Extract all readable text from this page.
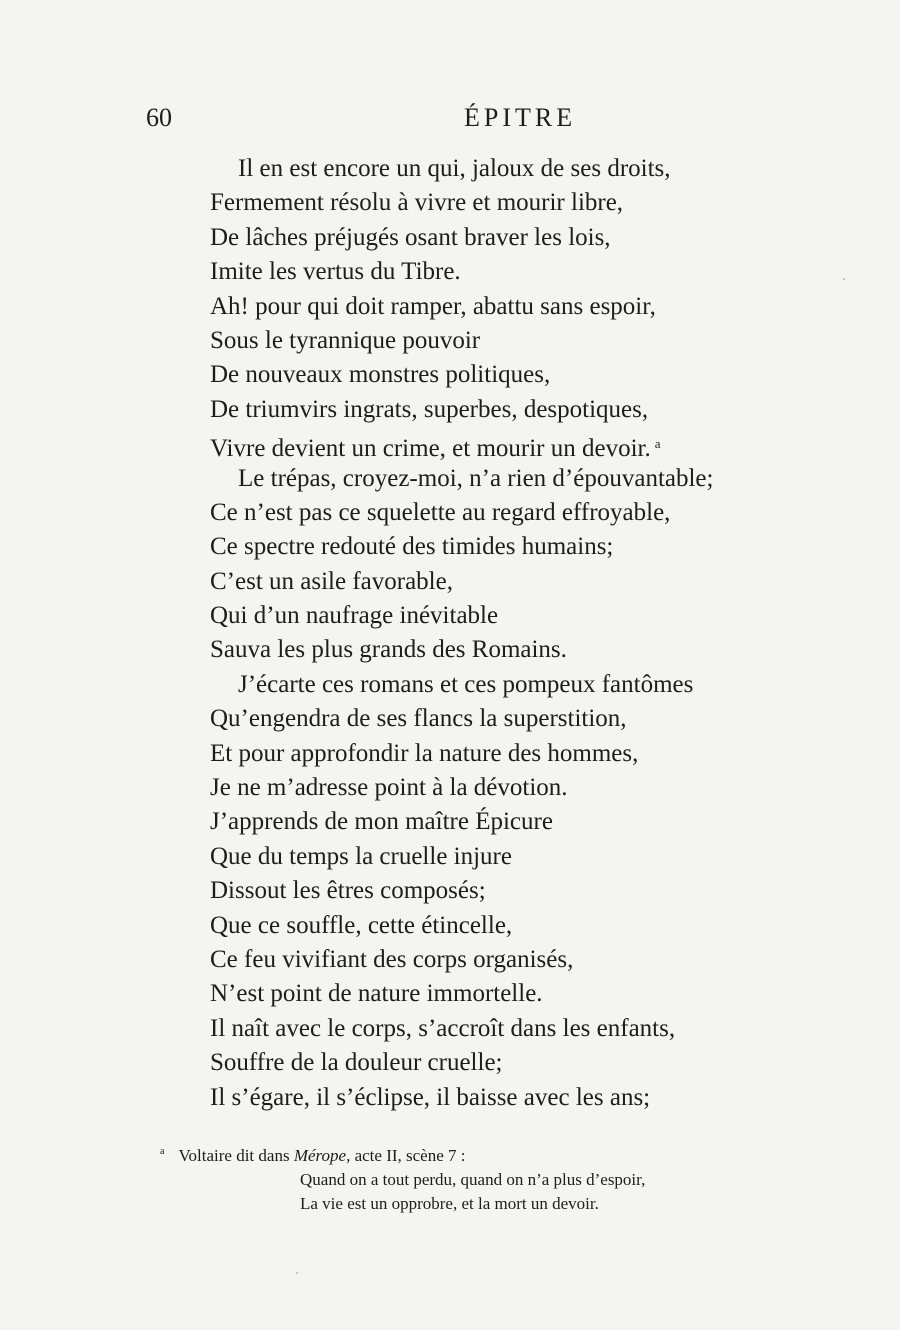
60	ÉPITRE
Il en est encore un qui, jaloux de ses droits,
Fermement résolu à vivre et mourir libre,
De lâches préjugés osant braver les lois,
Imite les vertus du Tibre.
Ah! pour qui doit ramper, abattu sans espoir,
Sous le tyrannique pouvoir
De nouveaux monstres politiques,
De triumvirs ingrats, superbes, despotiques,
Vivre devient un crime, et mourir un devoir. $^a$
Le trépas, croyez-moi, n’a rien d’épouvantable;
Ce n’est pas ce squelette au regard effroyable,
Ce spectre redouté des timides humains;
C’est un asile favorable,
Qui d’un naufrage inévitable
Sauva les plus grands des Romains.
J’écarte ces romans et ces pompeux fantômes
Qu’engendra de ses flancs la superstition,
Et pour approfondir la nature des hommes,
Je ne m’adresse point à la dévotion.
J’apprends de mon maître Épicure
Que du temps la cruelle injure
Dissout les êtres composés;
Que ce souffle, cette étincelle,
Ce feu vivifiant des corps organisés,
N’est point de nature immortelle.
Il naît avec le corps, s’accroît dans les enfants,
Souffre de la douleur cruelle;
Il s’égare, il s’éclipse, il baisse avec les ans;
$^a$ Voltaire dit dans Mérope, acte II, scène 7 :
Quand on a tout perdu, quand on n’a plus d’espoir,
La vie est un opprobre, et la mort un devoir.
